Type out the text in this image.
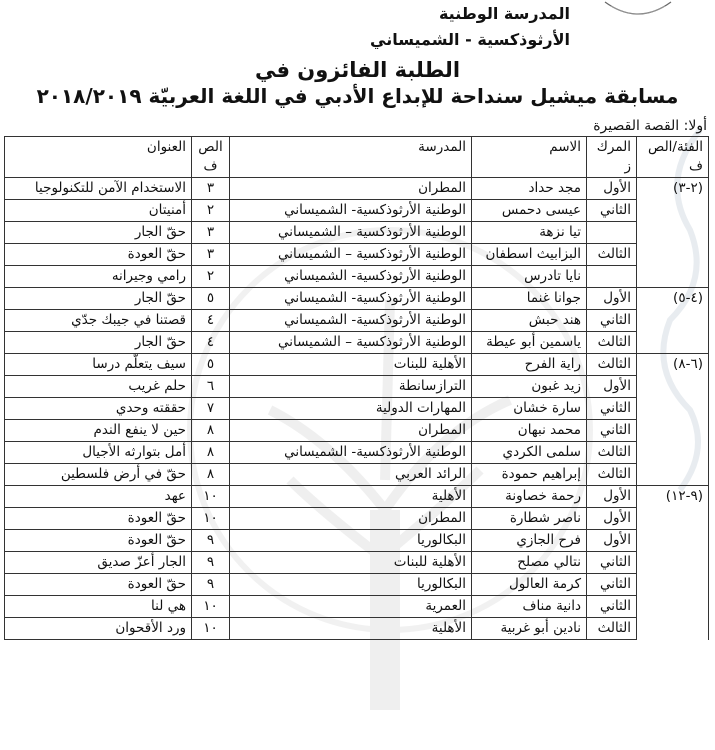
المدرسة الوطنية
الأرثوذكسية - الشميساني
الطلبة الفائزون في
مسابقة ميشيل سنداحة للإبداع الأدبي في اللغة العربيّة ٢٠١٨/٢٠١٩
أولا: القصة القصيرة
الفئة/الص ف	المرك ز	الاسم	المدرسة	الص ف	العنوان
(٢-٣)	الأول	مجد حداد	المطران	٣	الاستخدام الآمن للتكنولوجيا
	الثاني	عيسى دحمس	الوطنية الأرثوذكسية- الشميساني	٢	أمنيتان
		تيا نزهة	الوطنية الأرثوذكسية – الشميساني	٣	حقّ الجار
	الثالث	البزابيث اسطفان	الوطنية الأرثوذكسية – الشميساني	٣	حقّ العودة
		نايا تادرس	الوطنية الأرثوذكسية- الشميساني	٢	رامي وجيرانه
(٤-٥)	الأول	جوانا غنما	الوطنية الأرثوذكسية- الشميساني	٥	حقّ الجار
	الثاني	هند حبش	الوطنية الأرثوذكسية- الشميساني	٤	قصتنا في جيبك جدّي
	الثالث	ياسمين أبو عيطة	الوطنية الأرثوذكسية – الشميساني	٤	حقّ الجار
(٦-٨)	الثالث	راية الفرح	الأهلية للبنات	٥	سيف يتعلّم درسا
	الأول	زيد غبون	الترازسانطة	٦	حلم غريب
	الثاني	سارة خشان	المهارات الدولية	٧	حققته وحدي
	الثاني	محمد نبهان	المطران	٨	حين لا ينفع الندم
	الثالث	سلمى الكردي	الوطنية الأرثوذكسية- الشميساني	٨	أمل بتوارثه الأجيال
	الثالث	إبراهيم حمودة	الرائد العربي	٨	حقّ في أرض فلسطين
(٩-١٢)	الأول	رحمة خصاونة	الأهلية	١٠	عهد
	الأول	ناصر شطارة	المطران	١٠	حقّ العودة
	الأول	فرح الجازي	البكالوريا	٩	حقّ العودة
	الثاني	نتالي مصلح	الأهلية للبنات	٩	الجار أعزّ صديق
	الثاني	كرمة العالول	البكالوريا	٩	حقّ العودة
	الثاني	دانية مناف	العمرية	١٠	هي لنا
	الثالث	نادين أبو غربية	الأهلية	١٠	ورد الأقحوان
